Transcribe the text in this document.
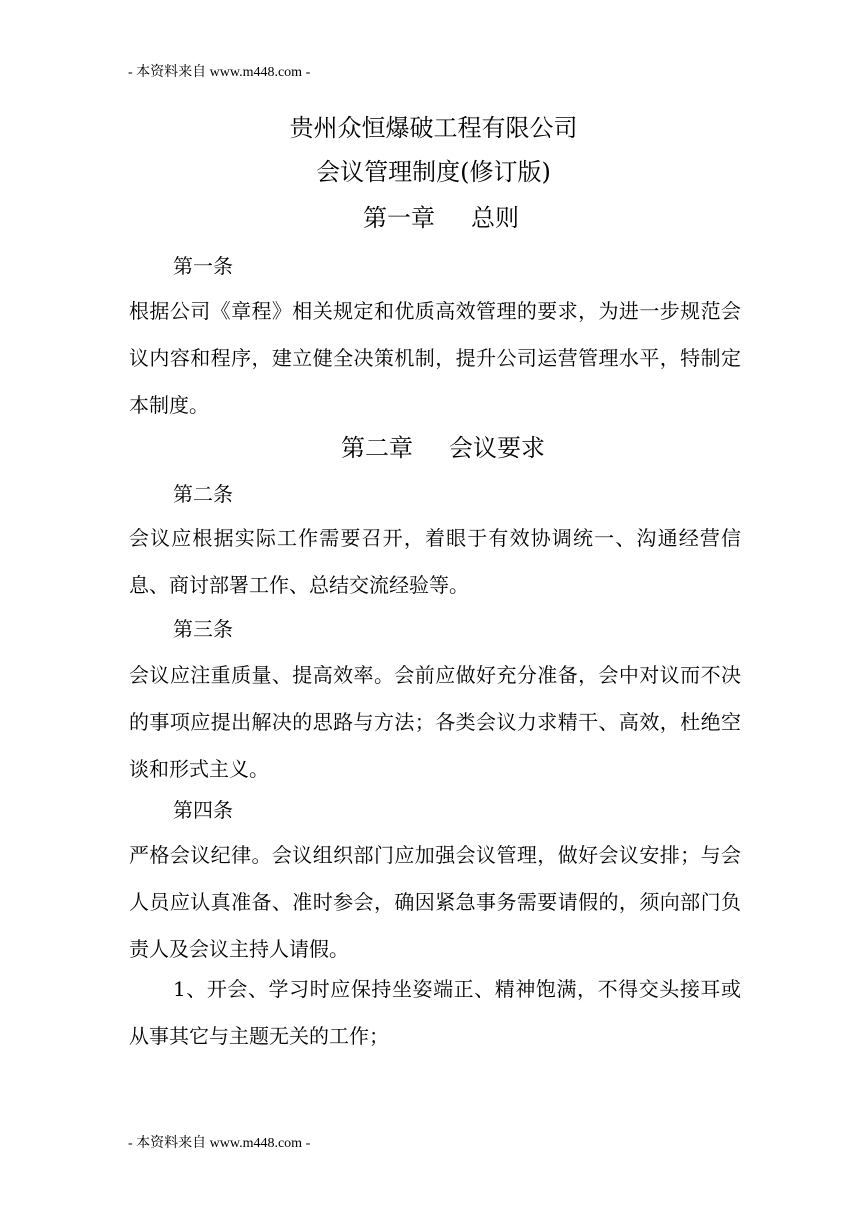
- 本资料来自 www.m448.com -
贵州众恒爆破工程有限公司
会议管理制度(修订版)
第一章 总则
第一条
根据公司《章程》相关规定和优质高效管理的要求，为进一步规范会议内容和程序，建立健全决策机制，提升公司运营管理水平，特制定本制度。
第二章 会议要求
第二条
会议应根据实际工作需要召开，着眼于有效协调统一、沟通经营信息、商讨部署工作、总结交流经验等。
第三条
会议应注重质量、提高效率。会前应做好充分准备，会中对议而不决的事项应提出解决的思路与方法；各类会议力求精干、高效，杜绝空谈和形式主义。
第四条
严格会议纪律。会议组织部门应加强会议管理，做好会议安排；与会人员应认真准备、准时参会，确因紧急事务需要请假的，须向部门负责人及会议主持人请假。
1、开会、学习时应保持坐姿端正、精神饱满，不得交头接耳或从事其它与主题无关的工作；
- 本资料来自 www.m448.com -
